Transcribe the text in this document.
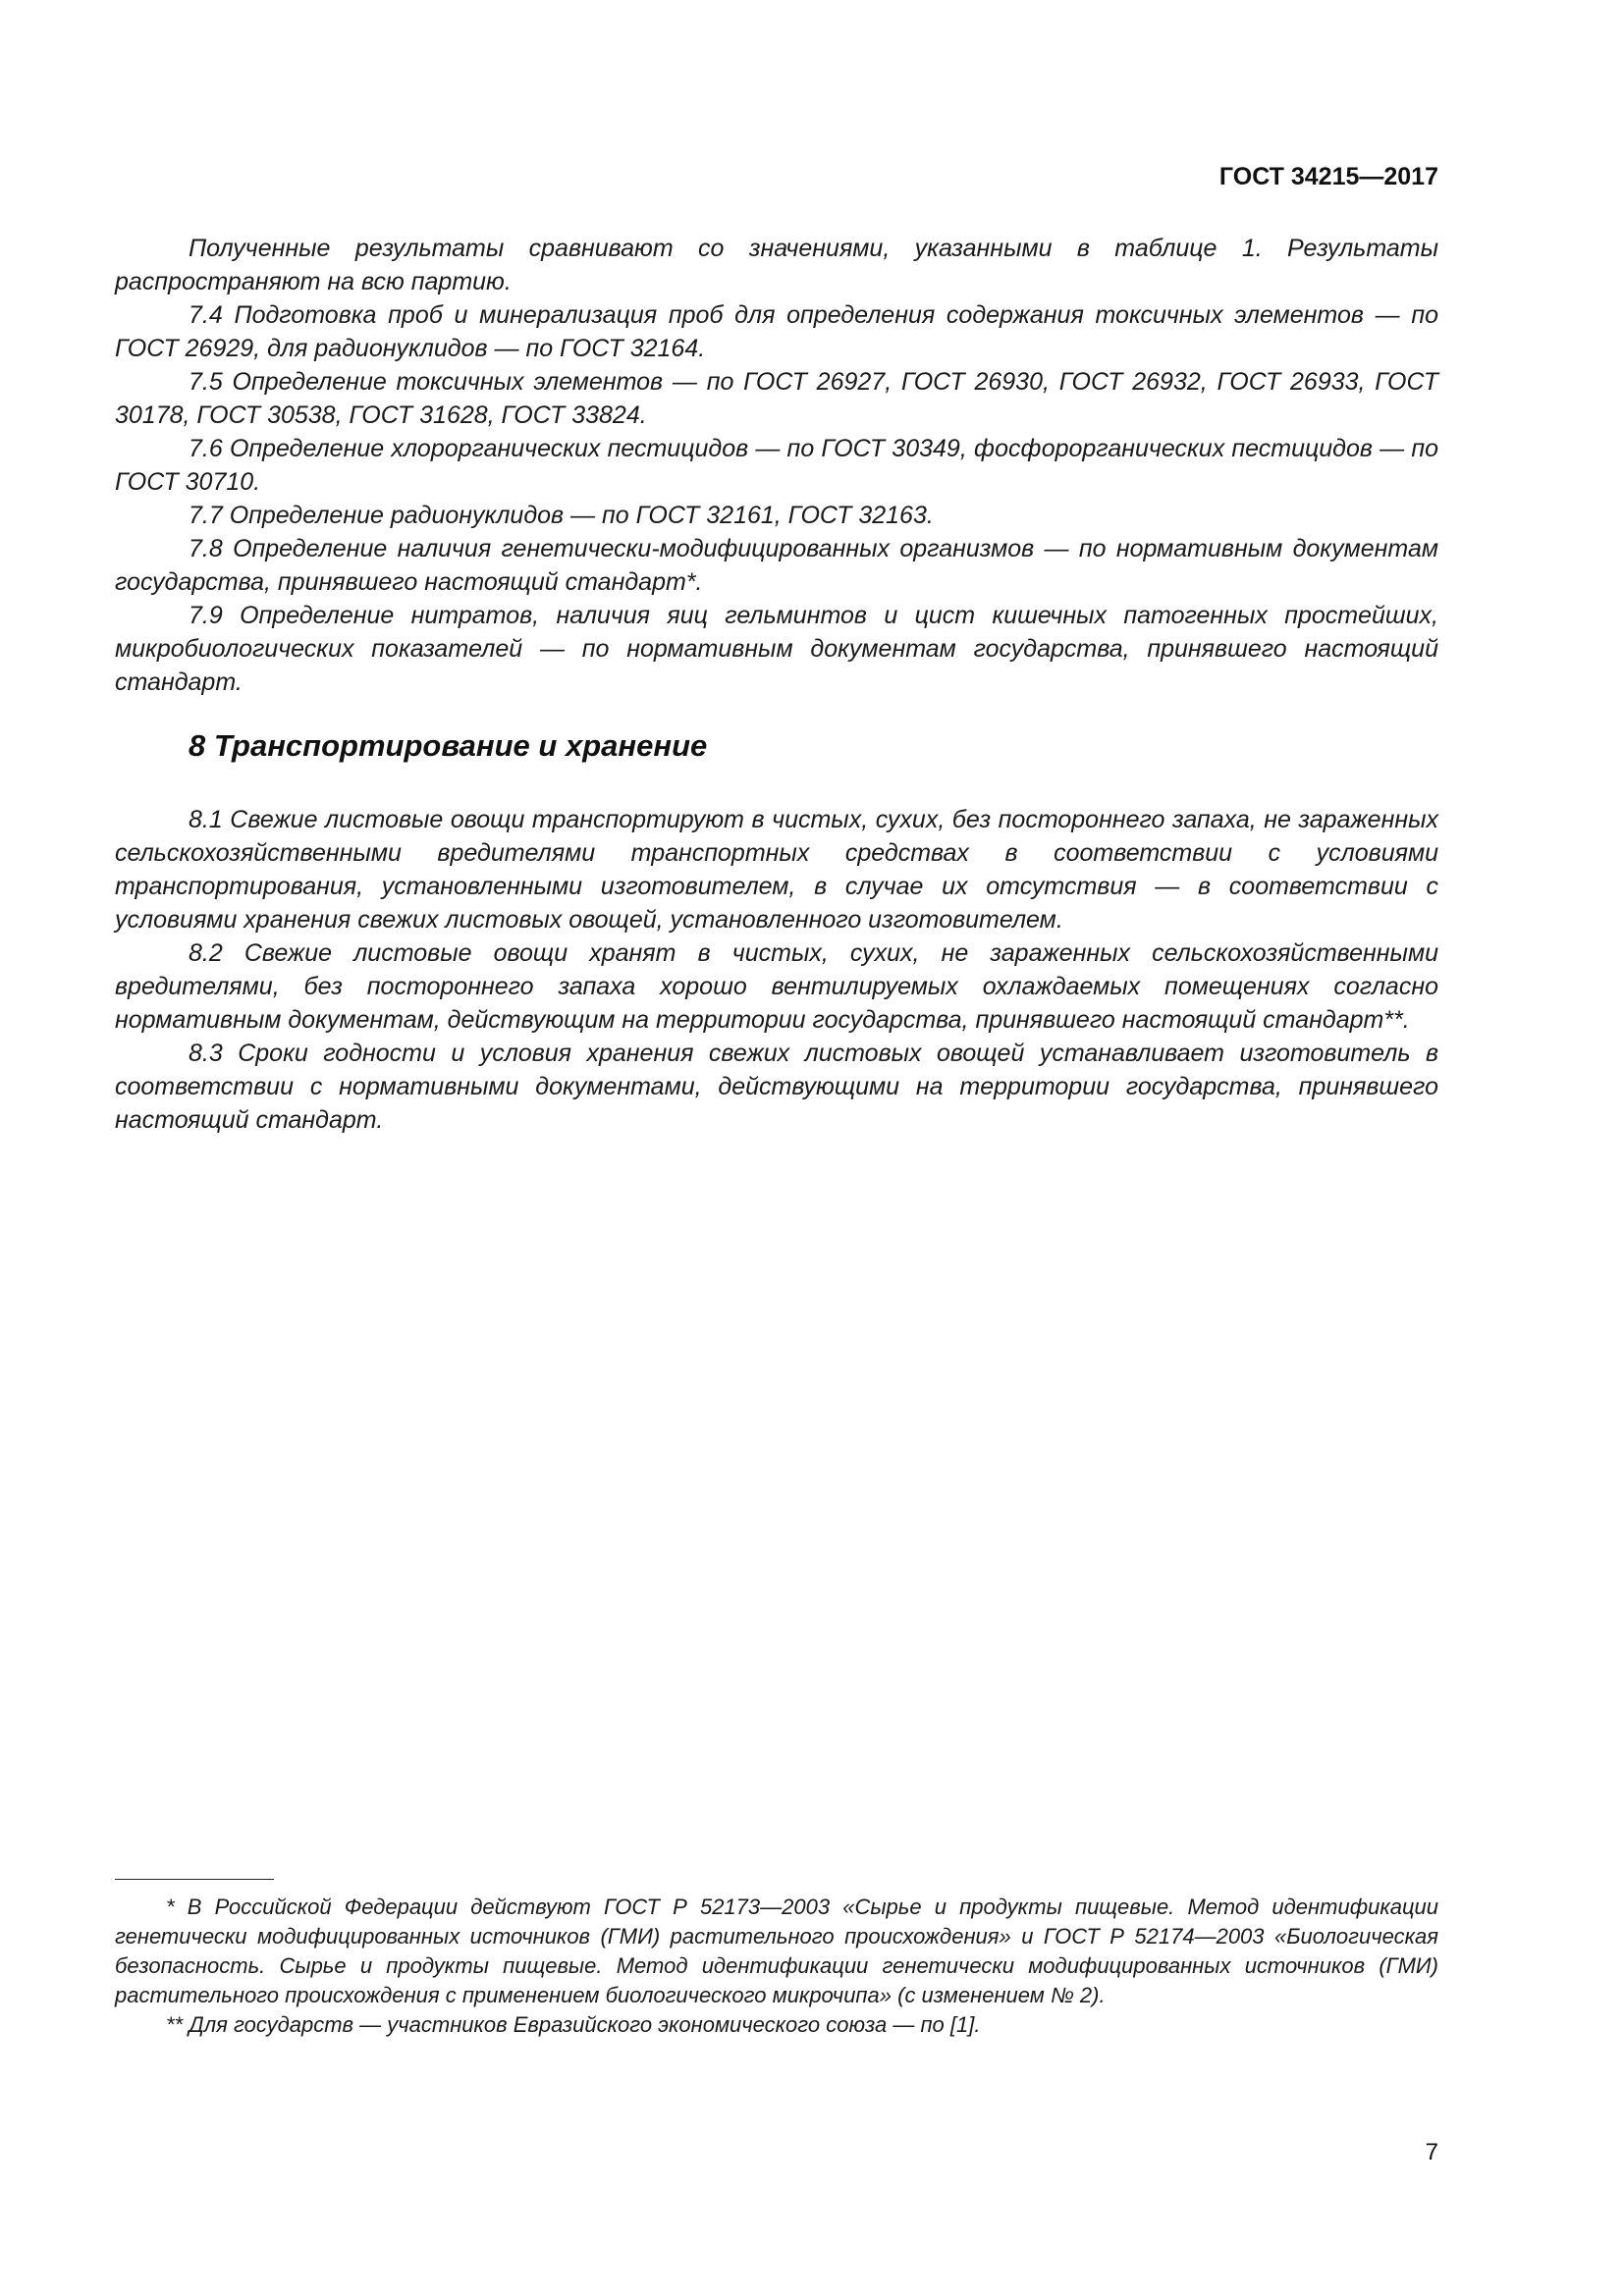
ГОСТ 34215—2017

Полученные результаты сравнивают со значениями, указанными в таблице 1. Результаты распространяют на всю партию.

7.4 Подготовка проб и минерализация проб для определения содержания токсичных элементов — по ГОСТ 26929, для радионуклидов — по ГОСТ 32164.

7.5 Определение токсичных элементов — по ГОСТ 26927, ГОСТ 26930, ГОСТ 26932, ГОСТ 26933, ГОСТ 30178, ГОСТ 30538, ГОСТ 31628, ГОСТ 33824.

7.6 Определение хлорорганических пестицидов — по ГОСТ 30349, фосфорорганических пестицидов — по ГОСТ 30710.

7.7 Определение радионуклидов — по ГОСТ 32161, ГОСТ 32163.

7.8 Определение наличия генетически-модифицированных организмов — по нормативным документам государства, принявшего настоящий стандарт*.

7.9 Определение нитратов, наличия яиц гельминтов и цист кишечных патогенных простейших, микробиологических показателей — по нормативным документам государства, принявшего настоящий стандарт.

8 Транспортирование и хранение

8.1 Свежие листовые овощи транспортируют в чистых, сухих, без постороннего запаха, не зараженных сельскохозяйственными вредителями транспортных средствах в соответствии с условиями транспортирования, установленными изготовителем, в случае их отсутствия — в соответствии с условиями хранения свежих листовых овощей, установленного изготовителем.

8.2 Свежие листовые овощи хранят в чистых, сухих, не зараженных сельскохозяйственными вредителями, без постороннего запаха хорошо вентилируемых охлаждаемых помещениях согласно нормативным документам, действующим на территории государства, принявшего настоящий стандарт**.

8.3 Сроки годности и условия хранения свежих листовых овощей устанавливает изготовитель в соответствии с нормативными документами, действующими на территории государства, принявшего настоящий стандарт.

* В Российской Федерации действуют ГОСТ Р 52173—2003 «Сырье и продукты пищевые. Метод идентификации генетически модифицированных источников (ГМИ) растительного происхождения» и ГОСТ Р 52174—2003 «Биологическая безопасность. Сырье и продукты пищевые. Метод идентификации генетически модифицированных источников (ГМИ) растительного происхождения с применением биологического микрочипа» (с изменением № 2).

** Для государств — участников Евразийского экономического союза — по [1].

7
